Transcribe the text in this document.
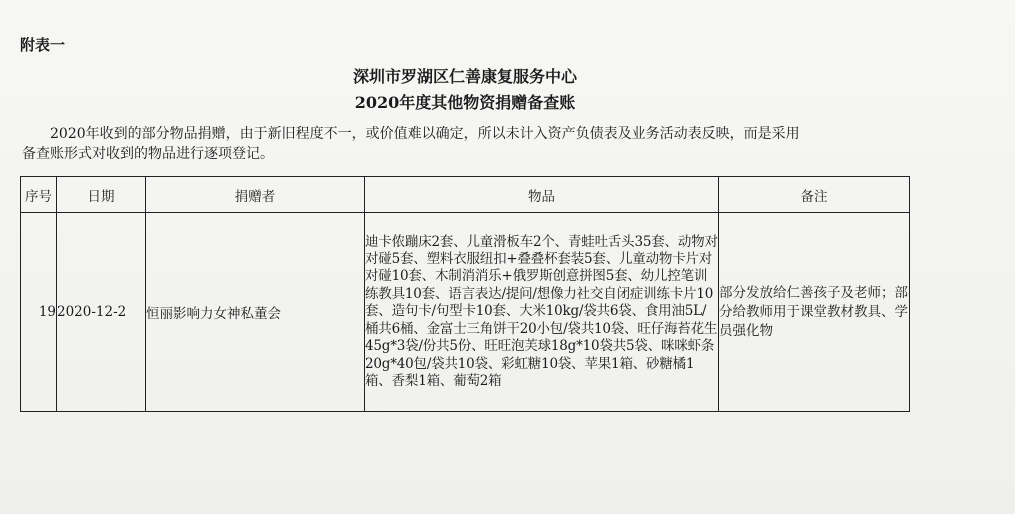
附表一
深圳市罗湖区仁善康复服务中心
2020年度其他物资捐赠备查账
2020年收到的部分物品捐赠，由于新旧程度不一，或价值难以确定，所以未计入资产负债表及业务活动表反映，而是采用
备查账形式对收到的物品进行逐项登记。
序号	日期	捐赠者	物品	备注
19	2020-12-2	恒丽影响力女神私董会	迪卡侬蹦床2套、儿童滑板车2个、青蛙吐舌头35套、动物对对碰5套、塑料衣服纽扣+叠叠杯套装5套、儿童动物卡片对对碰10套、木制消消乐+俄罗斯创意拼图5套、幼儿控笔训练教具10套、语言表达/提问/想像力社交自闭症训练卡片10套、造句卡/句型卡10套、大米10kg/袋共6袋、食用油5L/桶共6桶、金富士三角饼干20小包/袋共10袋、旺仔海苔花生45g*3袋/份共5份、旺旺泡芙球18g*10袋共5袋、咪咪虾条20g*40包/袋共10袋、彩虹糖10袋、苹果1箱、砂糖橘1箱、香梨1箱、葡萄2箱	部分发放给仁善孩子及老师；部分给教师用于课堂教材教具、学员强化物
